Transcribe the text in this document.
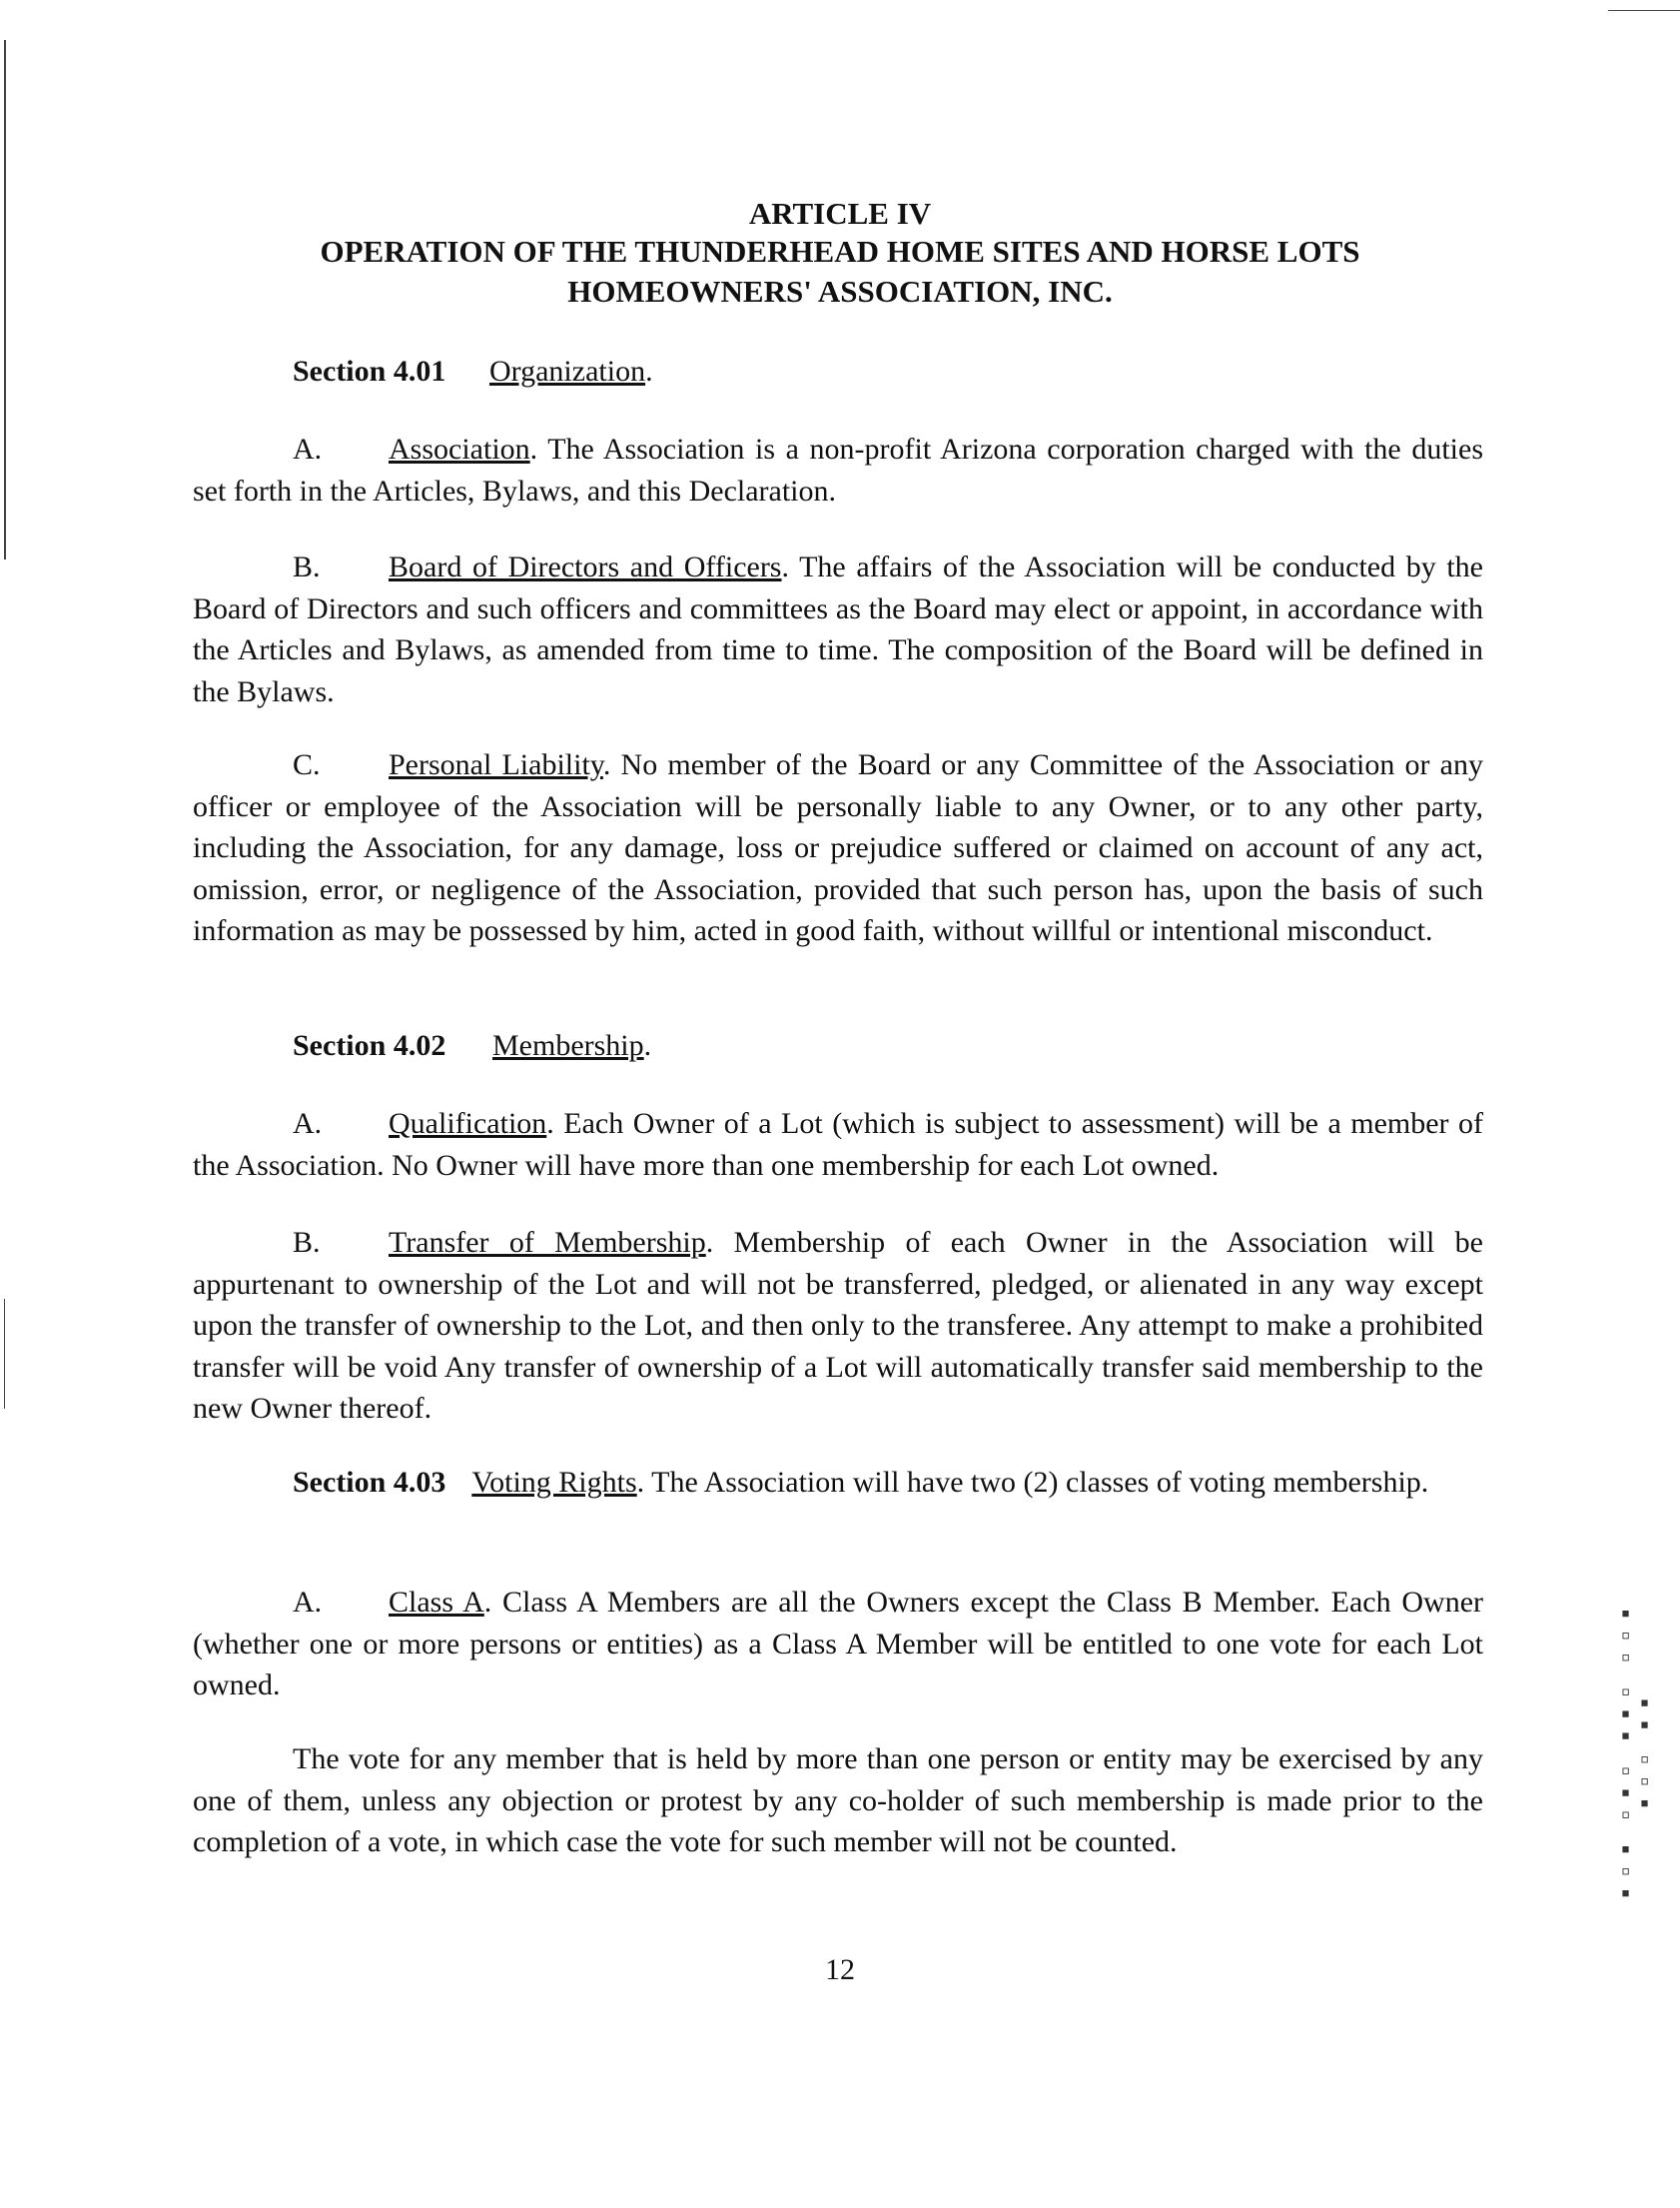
ARTICLE IV
OPERATION OF THE THUNDERHEAD HOME SITES AND HORSE LOTS
HOMEOWNERS' ASSOCIATION, INC.
Section 4.01 Organization.
A. Association. The Association is a non-profit Arizona corporation charged with the duties set forth in the Articles, Bylaws, and this Declaration.
B. Board of Directors and Officers. The affairs of the Association will be conducted by the Board of Directors and such officers and committees as the Board may elect or appoint, in accordance with the Articles and Bylaws, as amended from time to time. The composition of the Board will be defined in the Bylaws.
C. Personal Liability. No member of the Board or any Committee of the Association or any officer or employee of the Association will be personally liable to any Owner, or to any other party, including the Association, for any damage, loss or prejudice suffered or claimed on account of any act, omission, error, or negligence of the Association, provided that such person has, upon the basis of such information as may be possessed by him, acted in good faith, without willful or intentional misconduct.
Section 4.02 Membership.
A. Qualification. Each Owner of a Lot (which is subject to assessment) will be a member of the Association. No Owner will have more than one membership for each Lot owned.
B. Transfer of Membership. Membership of each Owner in the Association will be appurtenant to ownership of the Lot and will not be transferred, pledged, or alienated in any way except upon the transfer of ownership to the Lot, and then only to the transferee. Any attempt to make a prohibited transfer will be void Any transfer of ownership of a Lot will automatically transfer said membership to the new Owner thereof.
Section 4.03 Voting Rights. The Association will have two (2) classes of voting membership.
A. Class A. Class A Members are all the Owners except the Class B Member. Each Owner (whether one or more persons or entities) as a Class A Member will be entitled to one vote for each Lot owned.
The vote for any member that is held by more than one person or entity may be exercised by any one of them, unless any objection or protest by any co-holder of such membership is made prior to the completion of a vote, in which case the vote for such member will not be counted.
12
▪▫▪ ▫▪▫ ▪▪▫ ▫▫▪ ▪▫▫ ▪▪
